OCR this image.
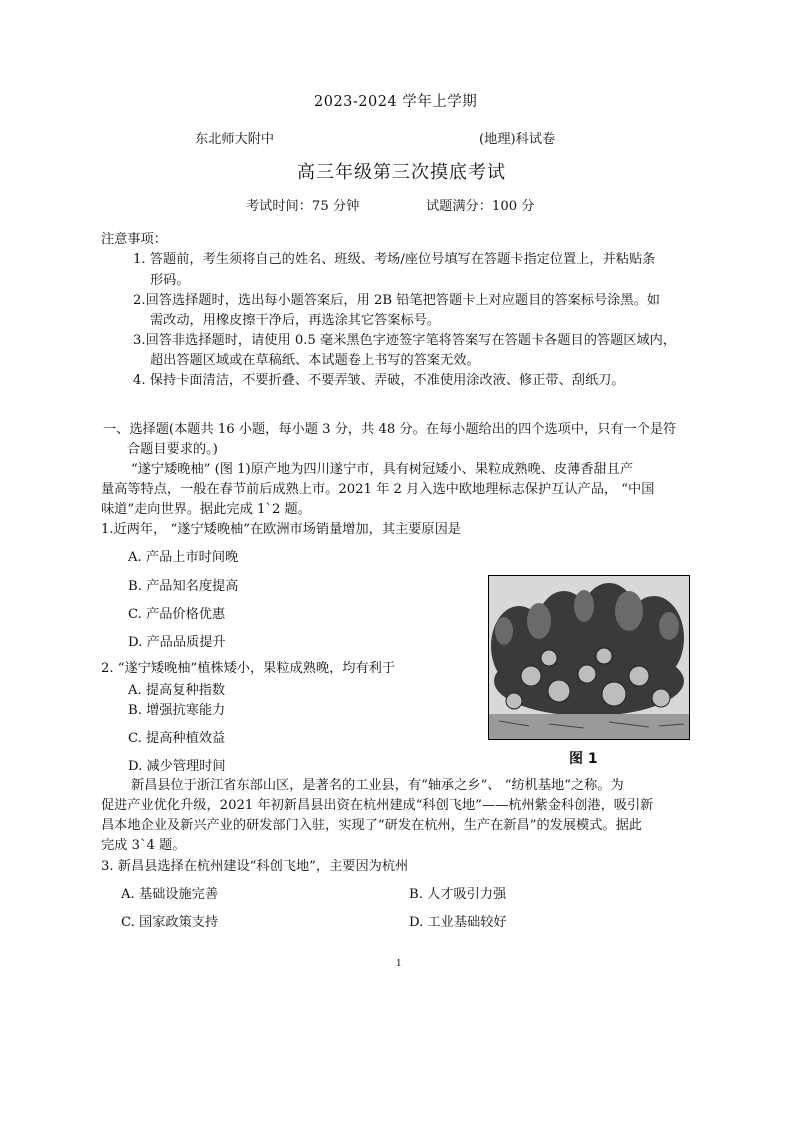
2023-2024 学年上学期
东北师大附中	(地理)科试卷
高三年级第三次摸底考试
考试时间：75 分钟	试题满分：100 分
注意事项：
1. 答题前，考生须将自己的姓名、班级、考场/座位号填写在答题卡指定位置上，并粘贴条
形码。
2.回答选择题时，选出每小题答案后，用 2B 铅笔把答题卡上对应题目的答案标号涂黑。如
需改动，用橡皮擦干净后，再选涂其它答案标号。
3.回答非选择题时，请使用 0.5 毫米黑色字迹签字笔将答案写在答题卡各题目的答题区域内，
超出答题区域或在草稿纸、本试题卷上书写的答案无效。
4. 保持卡面清洁，不要折叠、不要弄皱、弄破，不准使用涂改液、修正带、刮纸刀。
一、选择题(本题共 16 小题，每小题 3 分，共 48 分。在每小题给出的四个选项中，只有一个是符
合题目要求的。)
“遂宁矮晚柚” (图 1)原产地为四川遂宁市，具有树冠矮小、果粒成熟晚、皮薄香甜且产
量高等特点，一般在春节前后成熟上市。2021 年 2 月入选中欧地理标志保护互认产品， “中国
味道”走向世界。据此完成 1`2 题。
1.近两年， “遂宁矮晚柚”在欧洲市场销量增加，其主要原因是
A. 产品上市时间晚
B. 产品知名度提高
C. 产品价格优惠
D. 产品品质提升
2. “遂宁矮晚柚”植株矮小，果粒成熟晚，均有利于
A. 提高复种指数
B. 增强抗寒能力
C. 提高种植效益
D. 减少管理时间	图 1
新昌县位于浙江省东部山区，是著名的工业县，有“轴承之乡”、 “纺机基地”之称。为
促进产业优化升级，2021 年初新昌县出资在杭州建成“科创飞地”——杭州紫金科创港，吸引新
昌本地企业及新兴产业的研发部门入驻，实现了“研发在杭州，生产在新昌”的发展模式。据此
完成 3`4 题。
3. 新昌县选择在杭州建设“科创飞地”，主要因为杭州
A. 基础设施完善	B. 人才吸引力强
C. 国家政策支持	D. 工业基础较好
1
